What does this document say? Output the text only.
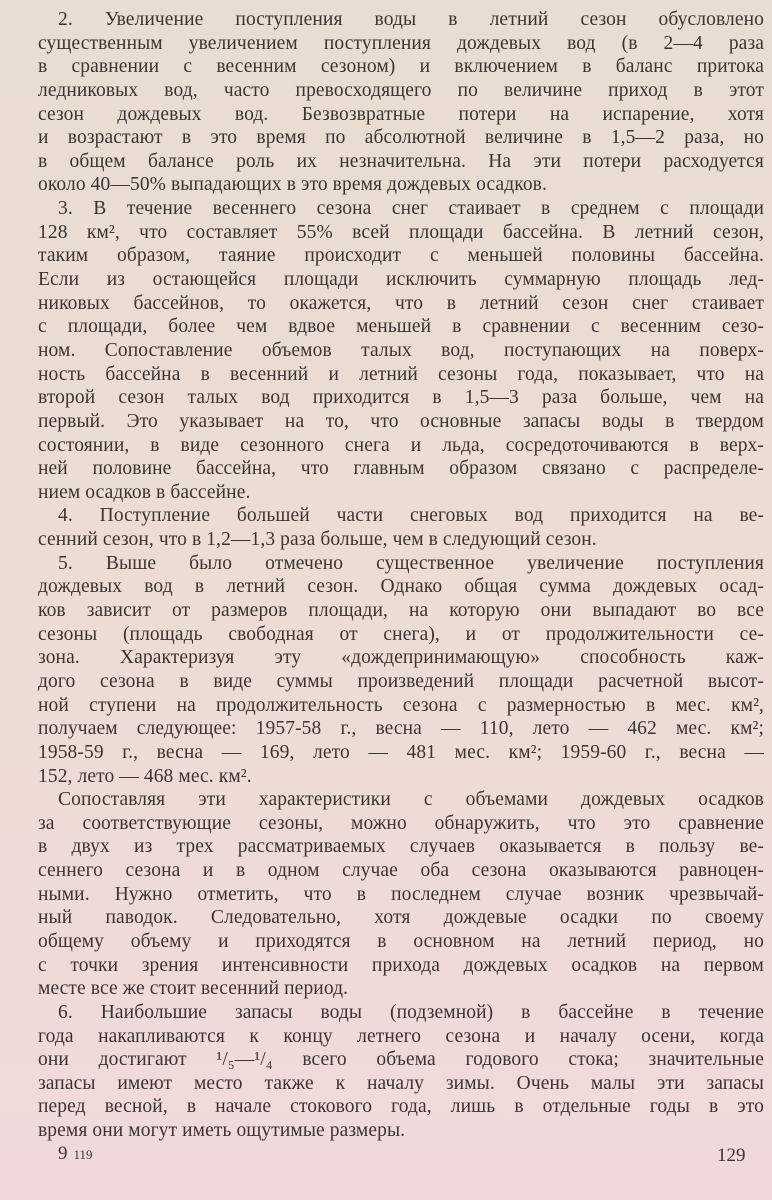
2. Увеличение поступления воды в летний сезон обусловлено
существенным увеличением поступления дождевых вод (в 2—4 раза
в сравнении с весенним сезоном) и включением в баланс притока
ледниковых вод, часто превосходящего по величине приход в этот
сезон дождевых вод. Безвозвратные потери на испарение, хотя
и возрастают в это время по абсолютной величине в 1,5—2 раза, но
в общем балансе роль их незначительна. На эти потери расходуется
около 40—50% выпадающих в это время дождевых осадков.
3. В течение весеннего сезона снег стаивает в среднем с площади
128 км², что составляет 55% всей площади бассейна. В летний сезон,
таким образом, таяние происходит с меньшей половины бассейна.
Если из остающейся площади исключить суммарную площадь лед-
никовых бассейнов, то окажется, что в летний сезон снег стаивает
с площади, более чем вдвое меньшей в сравнении с весенним сезо-
ном. Сопоставление объемов талых вод, поступающих на поверх-
ность бассейна в весенний и летний сезоны года, показывает, что на
второй сезон талых вод приходится в 1,5—3 раза больше, чем на
первый. Это указывает на то, что основные запасы воды в твердом
состоянии, в виде сезонного снега и льда, сосредоточиваются в верх-
ней половине бассейна, что главным образом связано с распределе-
нием осадков в бассейне.
4. Поступление большей части снеговых вод приходится на ве-
сенний сезон, что в 1,2—1,3 раза больше, чем в следующий сезон.
5. Выше было отмечено существенное увеличение поступления
дождевых вод в летний сезон. Однако общая сумма дождевых осад-
ков зависит от размеров площади, на которую они выпадают во все
сезоны (площадь свободная от снега), и от продолжительности се-
зона. Характеризуя эту «дождепринимающую» способность каж-
дого сезона в виде суммы произведений площади расчетной высот-
ной ступени на продолжительность сезона с размерностью в мес. км²,
получаем следующее: 1957-58 г., весна — 110, лето — 462 мес. км²;
1958-59 г., весна — 169, лето — 481 мес. км²; 1959-60 г., весна —
152, лето — 468 мес. км².
Сопоставляя эти характеристики с объемами дождевых осадков
за соответствующие сезоны, можно обнаружить, что это сравнение
в двух из трех рассматриваемых случаев оказывается в пользу ве-
сеннего сезона и в одном случае оба сезона оказываются равноцен-
ными. Нужно отметить, что в последнем случае возник чрезвычай-
ный паводок. Следовательно, хотя дождевые осадки по своему
общему объему и приходятся в основном на летний период, но
с точки зрения интенсивности прихода дождевых осадков на первом
месте все же стоит весенний период.
6. Наибольшие запасы воды (подземной) в бассейне в течение
года накапливаются к концу летнего сезона и началу осени, когда
они достигают ¹/₅—¹/₄ всего объема годового стока; значительные
запасы имеют место также к началу зимы. Очень малы эти запасы
перед весной, в начале стокового года, лишь в отдельные годы в это
время они могут иметь ощутимые размеры.
9 119	129
